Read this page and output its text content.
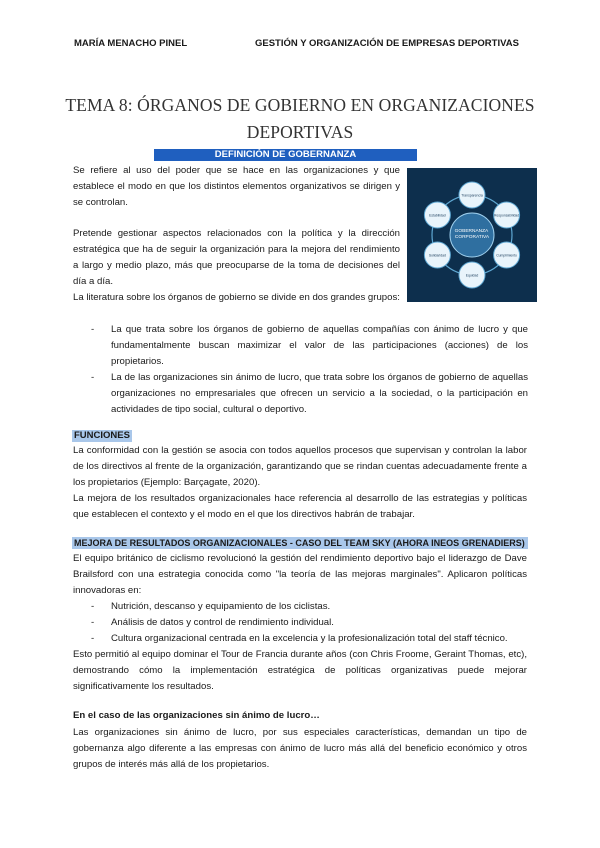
MARÍA MENACHO PINEL	GESTIÓN Y ORGANIZACIÓN DE EMPRESAS DEPORTIVAS
TEMA 8: ÓRGANOS DE GOBIERNO EN ORGANIZACIONES
DEPORTIVAS
DEFINICIÓN DE GOBERNANZA

Se refiere al uso del poder que se hace en las organizaciones y que establece el modo en que los distintos elementos organizativos se dirigen y se controlan.

Pretende gestionar aspectos relacionados con la política y la dirección estratégica que ha de seguir la organización para la mejora del rendimiento a largo y medio plazo, más que preocuparse de la toma de decisiones del día a día.

La literatura sobre los órganos de gobierno se divide en dos grandes grupos:

- La que trata sobre los órganos de gobierno de aquellas compañías con ánimo de lucro y que fundamentalmente buscan maximizar el valor de las participaciones (acciones) de los propietarios.
- La de las organizaciones sin ánimo de lucro, que trata sobre los órganos de gobierno de aquellas organizaciones no empresariales que ofrecen un servicio a la sociedad, o la participación en actividades de tipo social, cultural o deportivo.
GOBERNANZA CORPORATIVA
Transparencia
Responsabilidad
Cumplimiento
Equidad
Solidaridad
Estabilidad
FUNCIONES

La conformidad con la gestión se asocia con todos aquellos procesos que supervisan y controlan la labor de los directivos al frente de la organización, garantizando que se rindan cuentas adecuadamente frente a los propietarios (Ejemplo: Barçagate, 2020).

La mejora de los resultados organizacionales hace referencia al desarrollo de las estrategias y políticas que establecen el contexto y el modo en el que los directivos habrán de trabajar.

MEJORA DE RESULTADOS ORGANIZACIONALES - CASO DEL TEAM SKY (AHORA INEOS GRENADIERS)

El equipo británico de ciclismo revolucionó la gestión del rendimiento deportivo bajo el liderazgo de Dave Brailsford con una estrategia conocida como "la teoría de las mejoras marginales". Aplicaron políticas innovadoras en:

- Nutrición, descanso y equipamiento de los ciclistas.
- Análisis de datos y control de rendimiento individual.
- Cultura organizacional centrada en la excelencia y la profesionalización total del staff técnico.

Esto permitió al equipo dominar el Tour de Francia durante años (con Chris Froome, Geraint Thomas, etc), demostrando cómo la implementación estratégica de políticas organizativas puede mejorar significativamente los resultados.

En el caso de las organizaciones sin ánimo de lucro…

Las organizaciones sin ánimo de lucro, por sus especiales características, demandan un tipo de gobernanza algo diferente a las empresas con ánimo de lucro más allá del beneficio económico y otros grupos de interés más allá de los propietarios.
